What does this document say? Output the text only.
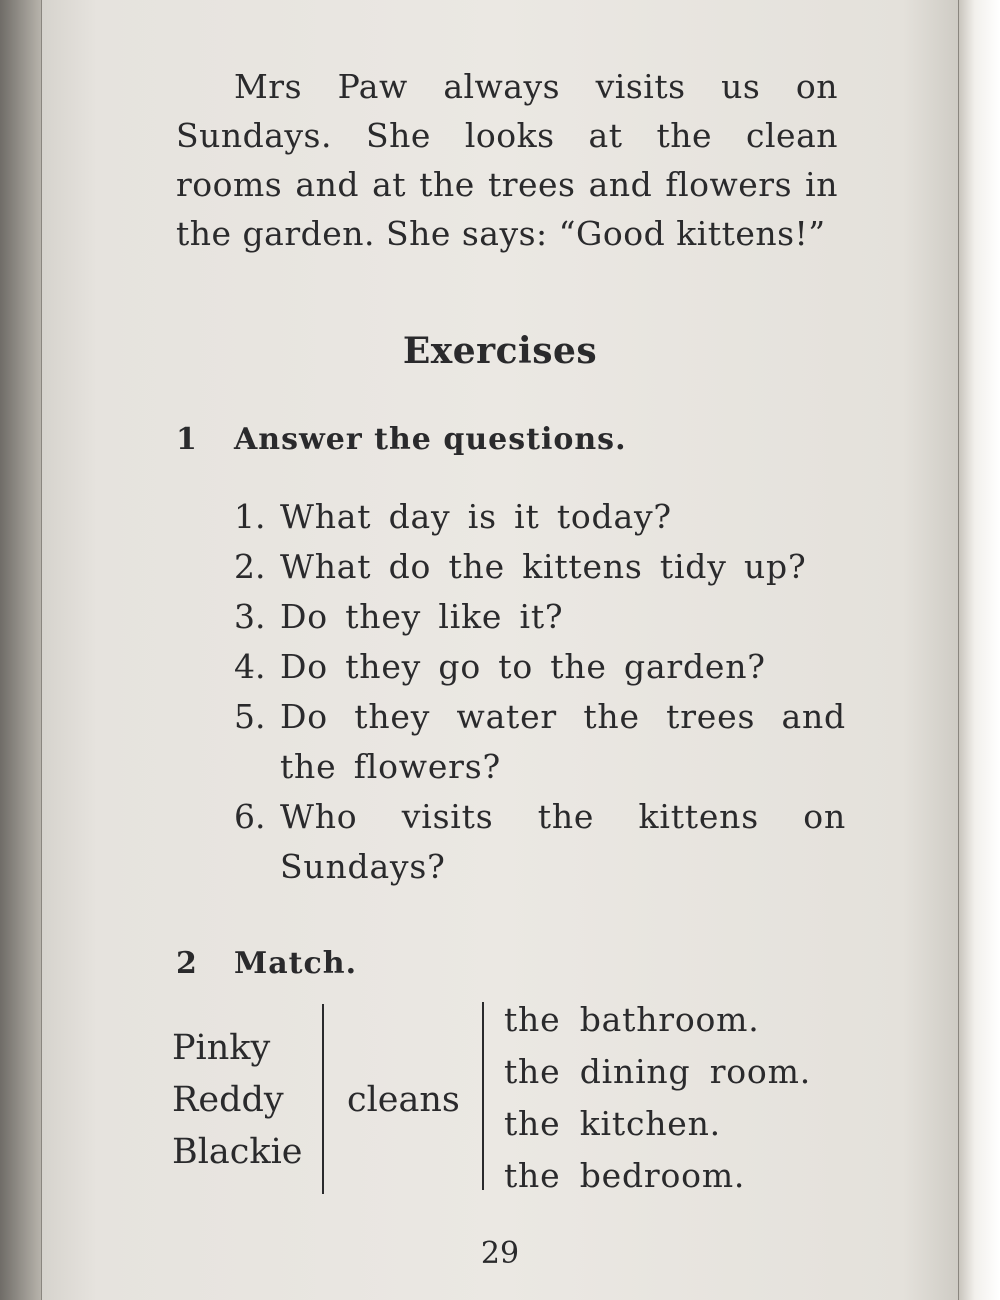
Mrs Paw always visits us on Sundays. She looks at the clean rooms and at the trees and flowers in the garden. She says: “Good kittens!”

Exercises
1 Answer the questions.
1. What day is it today?
2. What do the kittens tidy up?
3. Do they like it?
4. Do they go to the garden?
5. Do they water the trees and the flowers?
6. Who visits the kittens on Sundays?
2 Match.
Pinky
Reddy
Blackie
cleans
the bathroom.
the dining room.
the kitchen.
the bedroom.

29
